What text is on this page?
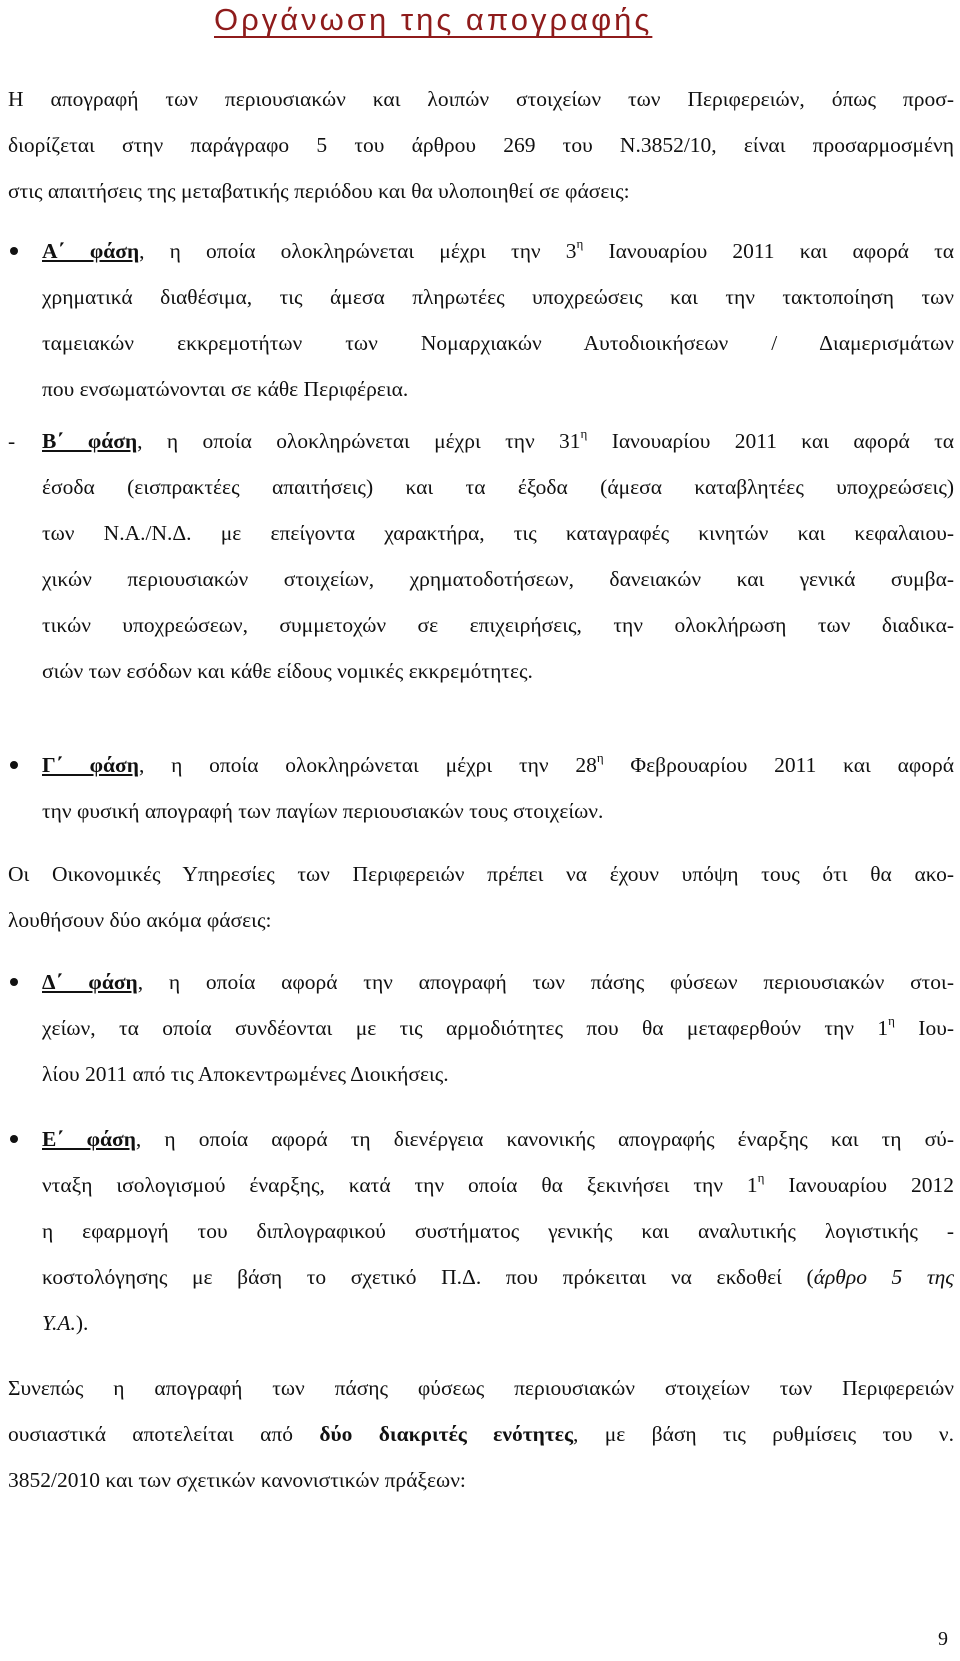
Οργάνωση της απογραφής
Η απογραφή των περιουσιακών και λοιπών στοιχείων των Περιφερειών, όπως προσ-
διορίζεται στην παράγραφο 5 του άρθρου 269 του Ν.3852/10, είναι προσαρμοσμένη
στις απαιτήσεις της μεταβατικής περιόδου και θα υλοποιηθεί σε φάσεις:
Α΄ φάση, η οποία ολοκληρώνεται μέχρι την $3^\eta$ Ιανουαρίου 2011 και αφορά τα
χρηματικά διαθέσιμα, τις άμεσα πληρωτέες υποχρεώσεις και την τακτοποίηση των
ταμειακών εκκρεμοτήτων των Νομαρχιακών Αυτοδιοικήσεων / Διαμερισμάτων
που ενσωματώνονται σε κάθε Περιφέρεια.
- Β΄ φάση, η οποία ολοκληρώνεται μέχρι την $31^\eta$ Ιανουαρίου 2011 και αφορά τα
έσοδα (εισπρακτέες απαιτήσεις) και τα έξοδα (άμεσα καταβλητέες υποχρεώσεις)
των Ν.Α./Ν.Δ. με επείγοντα χαρακτήρα, τις καταγραφές κινητών και κεφαλαιου-
χικών περιουσιακών στοιχείων, χρηματοδοτήσεων, δανειακών και γενικά συμβα-
τικών υποχρεώσεων, συμμετοχών σε επιχειρήσεις, την ολοκλήρωση των διαδικα-
σιών των εσόδων και κάθε είδους νομικές εκκρεμότητες.
Γ΄ φάση, η οποία ολοκληρώνεται μέχρι την $28^\eta$ Φεβρουαρίου 2011 και αφορά
την φυσική απογραφή των παγίων περιουσιακών τους στοιχείων.
Οι Οικονομικές Υπηρεσίες των Περιφερειών πρέπει να έχουν υπόψη τους ότι θα ακο-
λουθήσουν δύο ακόμα φάσεις:
Δ΄ φάση, η οποία αφορά την απογραφή των πάσης φύσεων περιουσιακών στοι-
χείων, τα οποία συνδέονται με τις αρμοδιότητες που θα μεταφερθούν την $1^\eta$ Ιου-
λίου 2011 από τις Αποκεντρωμένες Διοικήσεις.
Ε΄ φάση, η οποία αφορά τη διενέργεια κανονικής απογραφής έναρξης και τη σύ-
νταξη ισολογισμού έναρξης, κατά την οποία θα ξεκινήσει την $1^\eta$ Ιανουαρίου 2012
η εφαρμογή του διπλογραφικού συστήματος γενικής και αναλυτικής λογιστικής -
κοστολόγησης με βάση το σχετικό Π.Δ. που πρόκειται να εκδοθεί (άρθρο 5 της
Υ.Α.).
Συνεπώς η απογραφή των πάσης φύσεως περιουσιακών στοιχείων των Περιφερειών
ουσιαστικά αποτελείται από δύο διακριτές ενότητες, με βάση τις ρυθμίσεις του ν.
3852/2010 και των σχετικών κανονιστικών πράξεων:
9
